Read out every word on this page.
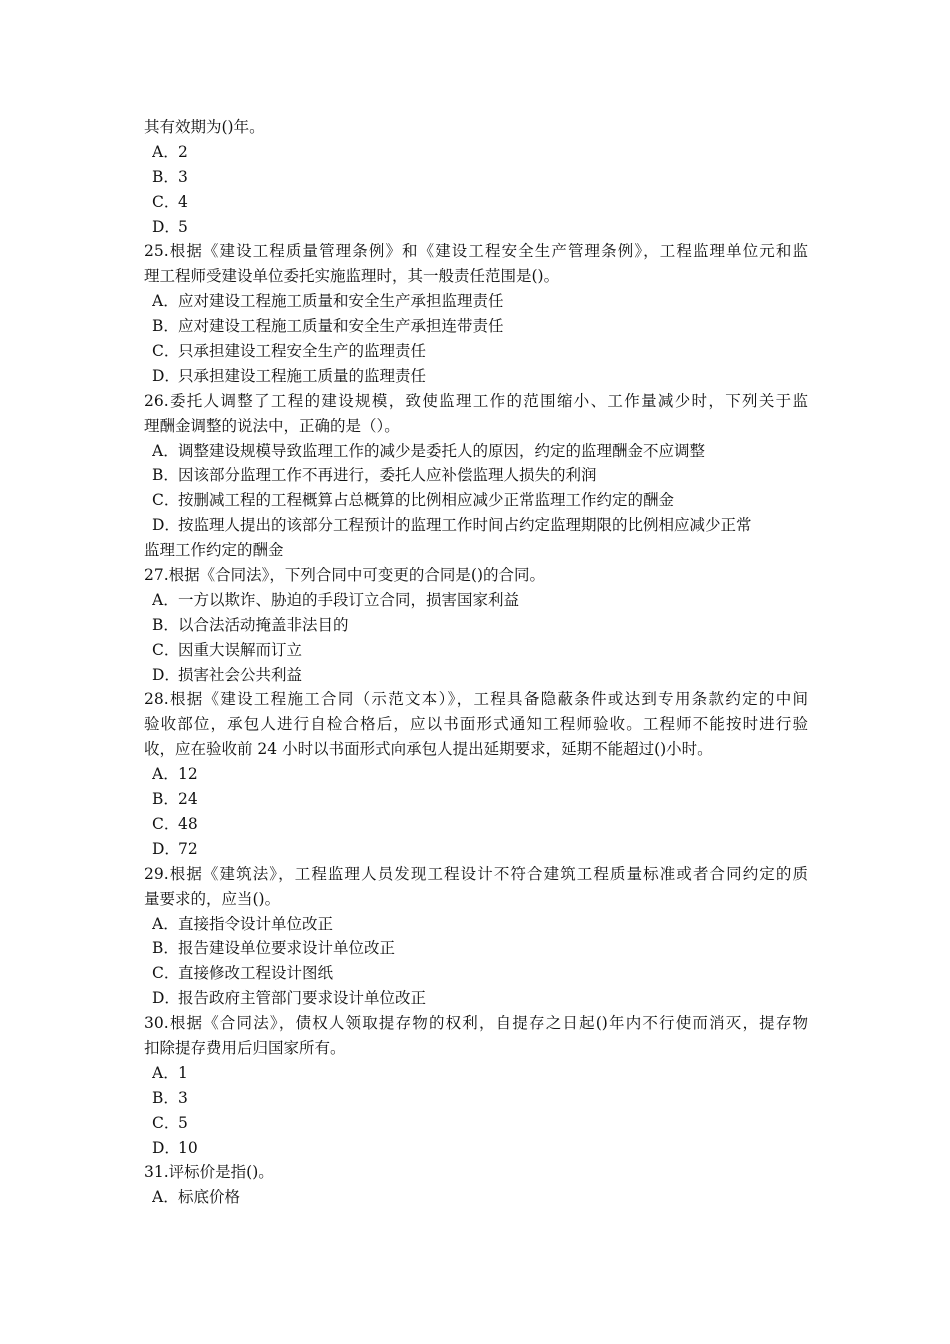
其有效期为()年。
A．2
B．3
C．4
D．5
25.根据《建设工程质量管理条例》和《建设工程安全生产管理条例》，工程监理单位元和监
理工程师受建设单位委托实施监理时，其一般责任范围是()。
A．应对建设工程施工质量和安全生产承担监理责任
B．应对建设工程施工质量和安全生产承担连带责任
C．只承担建设工程安全生产的监理责任
D．只承担建设工程施工质量的监理责任
26.委托人调整了工程的建设规模，致使监理工作的范围缩小、工作量减少时，下列关于监
理酬金调整的说法中，正确的是（）。
A．调整建设规模导致监理工作的减少是委托人的原因，约定的监理酬金不应调整
B．因该部分监理工作不再进行，委托人应补偿监理人损失的利润
C．按删减工程的工程概算占总概算的比例相应减少正常监理工作约定的酬金
D．按监理人提出的该部分工程预计的监理工作时间占约定监理期限的比例相应减少正常
监理工作约定的酬金
27.根据《合同法》，下列合同中可变更的合同是()的合同。
A．一方以欺诈、胁迫的手段订立合同，损害国家利益
B．以合法活动掩盖非法目的
C．因重大误解而订立
D．损害社会公共利益
28.根据《建设工程施工合同（示范文本）》，工程具备隐蔽条件或达到专用条款约定的中间
验收部位，承包人进行自检合格后，应以书面形式通知工程师验收。工程师不能按时进行验
收，应在验收前 24 小时以书面形式向承包人提出延期要求，延期不能超过()小时。
A．12
B．24
C．48
D．72
29.根据《建筑法》，工程监理人员发现工程设计不符合建筑工程质量标准或者合同约定的质
量要求的，应当()。
A．直接指令设计单位改正
B．报告建设单位要求设计单位改正
C．直接修改工程设计图纸
D．报告政府主管部门要求设计单位改正
30.根据《合同法》，债权人领取提存物的权利，自提存之日起()年内不行使而消灭，提存物
扣除提存费用后归国家所有。
A．1
B．3
C．5
D．10
31.评标价是指()。
A．标底价格
